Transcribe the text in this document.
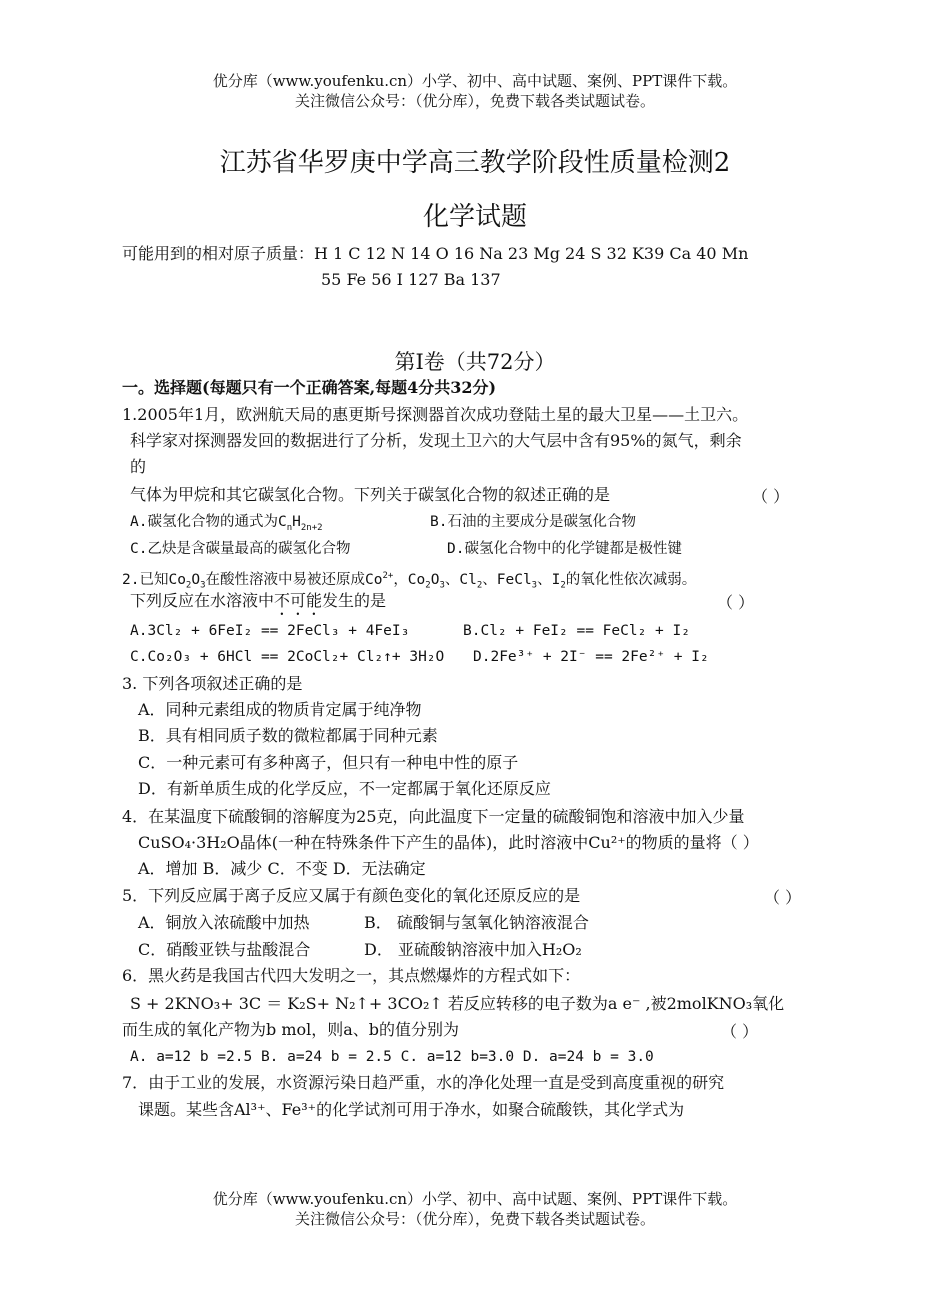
优分库（www.youfenku.cn）小学、初中、高中试题、案例、PPT课件下载。
关注微信公众号：（优分库），免费下载各类试题试卷。
江苏省华罗庚中学高三教学阶段性质量检测2
化学试题
可能用到的相对原子质量：H 1 C 12 N 14 O 16 Na 23 Mg 24 S 32 K39 Ca 40 Mn
55 Fe 56 I 127 Ba 137
第Ⅰ卷（共72分）
一。选择题(每题只有一个正确答案,每题4分共32分)
1.2005年1月，欧洲航天局的惠更斯号探测器首次成功登陆土星的最大卫星——土卫六。
科学家对探测器发回的数据进行了分析，发现土卫六的大气层中含有95%的氮气，剩余
的
气体为甲烷和其它碳氢化合物。下列关于碳氢化合物的叙述正确的是	（ ）
A.碳氢化合物的通式为$C_nH_{2n+2}$	B.石油的主要成分是碳氢化合物
C.乙炔是含碳量最高的碳氢化合物	D.碳氢化合物中的化学键都是极性键
2.已知$Co_2O_3$在酸性溶液中易被还原成$Co^{2+}$，$Co_2O_3$、$Cl_2$、FeCl$_3$、$I_2$的氧化性依次减弱。
下列反应在水溶液中不可能发生的是	（ ）
A.3Cl₂ + 6FeI₂ == 2FeCl₃ + 4FeI₃	B.Cl₂ + FeI₂ == FeCl₂ + I₂
C.Co₂O₃ + 6HCl == 2CoCl₂+ Cl₂↑+ 3H₂O D.2Fe³⁺ + 2I⁻ == 2Fe²⁺ + I₂
3. 下列各项叙述正确的是
A．同种元素组成的物质肯定属于纯净物
B．具有相同质子数的微粒都属于同种元素
C．一种元素可有多种离子，但只有一种电中性的原子
D．有新单质生成的化学反应，不一定都属于氧化还原反应
4．在某温度下硫酸铜的溶解度为25克，向此温度下一定量的硫酸铜饱和溶液中加入少量
CuSO₄·3H₂O晶体(一种在特殊条件下产生的晶体)，此时溶液中Cu²⁺的物质的量将（ ）
A．增加 B．减少 C．不变 D．无法确定
5．下列反应属于离子反应又属于有颜色变化的氧化还原反应的是	（ ）
A．铜放入浓硫酸中加热	B． 硫酸铜与氢氧化钠溶液混合
C．硝酸亚铁与盐酸混合	D． 亚硫酸钠溶液中加入H₂O₂
6．黑火药是我国古代四大发明之一，其点燃爆炸的方程式如下：
S + 2KNO₃+ 3C ＝ K₂S+ N₂↑+ 3CO₂↑ 若反应转移的电子数为a e⁻ ,被2molKNO₃氧化
而生成的氧化产物为b mol，则a、b的值分别为	（ ）
A. a=12 b =2.5 B. a=24 b = 2.5 C. a=12 b=3.0 D. a=24 b = 3.0
7．由于工业的发展，水资源污染日趋严重，水的净化处理一直是受到高度重视的研究
课题。某些含Al³⁺、Fe³⁺的化学试剂可用于净水，如聚合硫酸铁，其化学式为
优分库（www.youfenku.cn）小学、初中、高中试题、案例、PPT课件下载。
关注微信公众号：（优分库），免费下载各类试题试卷。
